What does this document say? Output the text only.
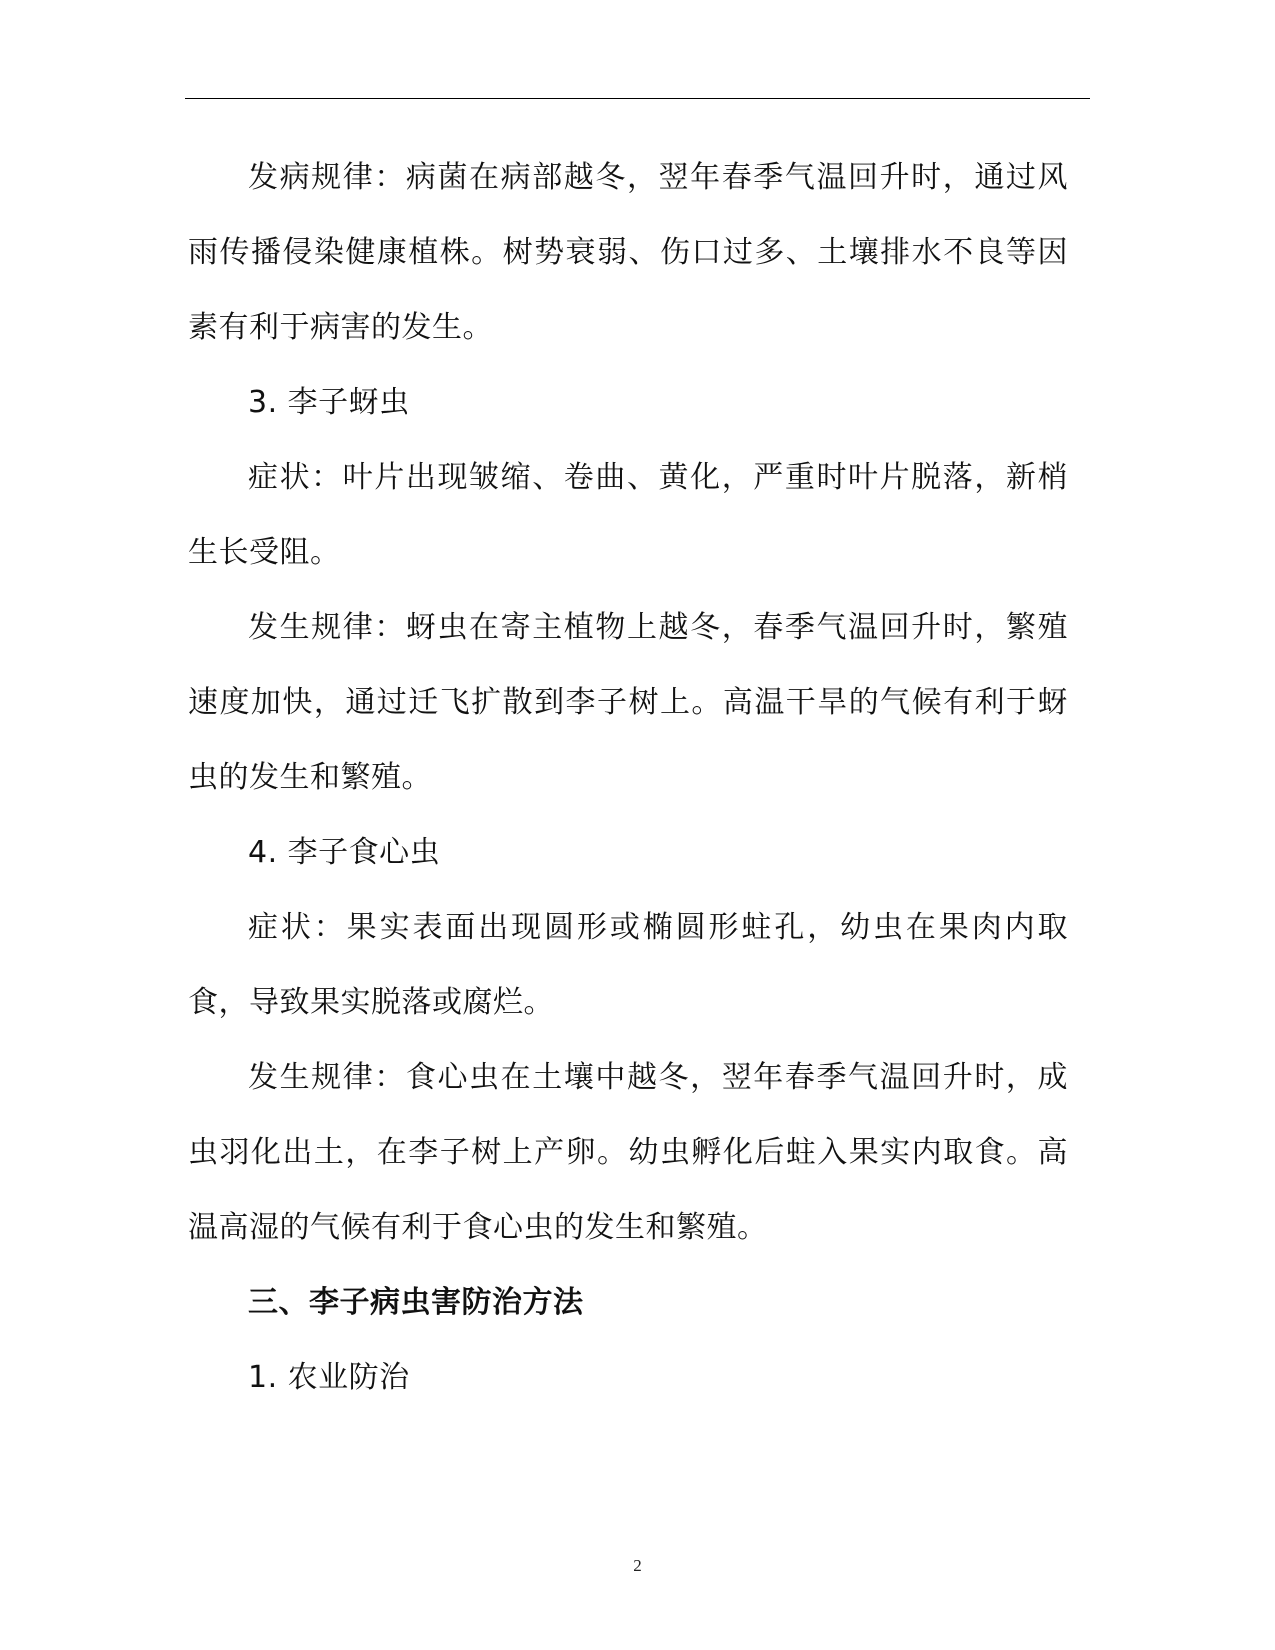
发病规律：病菌在病部越冬，翌年春季气温回升时，通过风雨传播侵染健康植株。树势衰弱、伤口过多、土壤排水不良等因素有利于病害的发生。

3. 李子蚜虫

症状：叶片出现皱缩、卷曲、黄化，严重时叶片脱落，新梢生长受阻。

发生规律：蚜虫在寄主植物上越冬，春季气温回升时，繁殖速度加快，通过迁飞扩散到李子树上。高温干旱的气候有利于蚜虫的发生和繁殖。

4. 李子食心虫

症状：果实表面出现圆形或椭圆形蛀孔，幼虫在果肉内取食，导致果实脱落或腐烂。

发生规律：食心虫在土壤中越冬，翌年春季气温回升时，成虫羽化出土，在李子树上产卵。幼虫孵化后蛀入果实内取食。高温高湿的气候有利于食心虫的发生和繁殖。

三、李子病虫害防治方法

1. 农业防治

2
